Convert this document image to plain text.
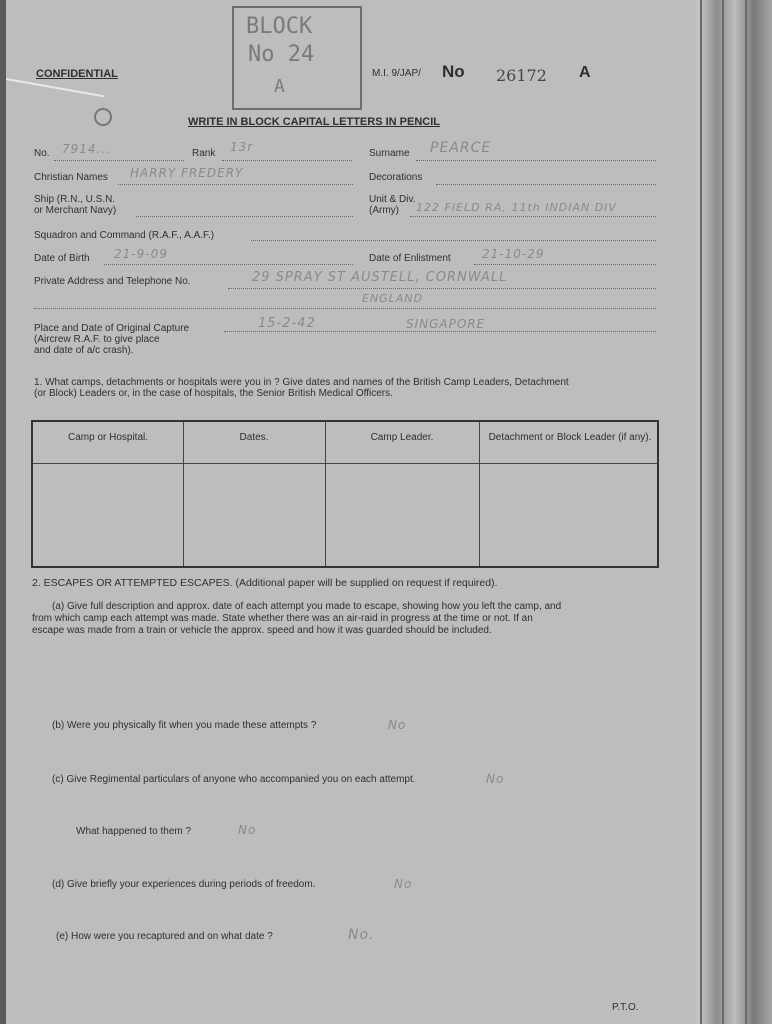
CONFIDENTIAL
BLOCK
No 24
A
M.I. 9/JAP/ No 26172 A
WRITE IN BLOCK CAPITAL LETTERS IN PENCIL
No. 7914...	Rank 13r	Surname PEARCE
Christian Names HARRY FREDERY	Decorations
Ship (R.N., U.S.N.
or Merchant Navy)
Unit & Div.
(Army)	122 FIELD RA, 11th INDIAN DIV
Squadron and Command (R.A.F., A.A.F.)
Date of Birth 21-9-09	Date of Enlistment	21-10-29
Private Address and Telephone No.	29 SPRAY ST AUSTELL, CORNWALL
ENGLAND
Place and Date of Original Capture
(Aircrew R.A.F. to give place
and date of a/c crash).
15-2-42	SINGAPORE
1. What camps, detachments or hospitals were you in ? Give dates and names of the British Camp Leaders, Detachment
(or Block) Leaders or, in the case of hospitals, the Senior British Medical Officers.
Camp or Hospital.	Dates.	Camp Leader.	Detachment or Block Leader (if any).
2. ESCAPES OR ATTEMPTED ESCAPES. (Additional paper will be supplied on request if required).
(a) Give full description and approx. date of each attempt you made to escape, showing how you left the camp, and
from which camp each attempt was made. State whether there was an air-raid in progress at the time or not. If an
escape was made from a train or vehicle the approx. speed and how it was guarded should be included.
(b) Were you physically fit when you made these attempts ?	No
(c) Give Regimental particulars of anyone who accompanied you on each attempt.	No
What happened to them ?	No
(d) Give briefly your experiences during periods of freedom.	No
(e) How were you recaptured and on what date ?	No.
P.T.O.
